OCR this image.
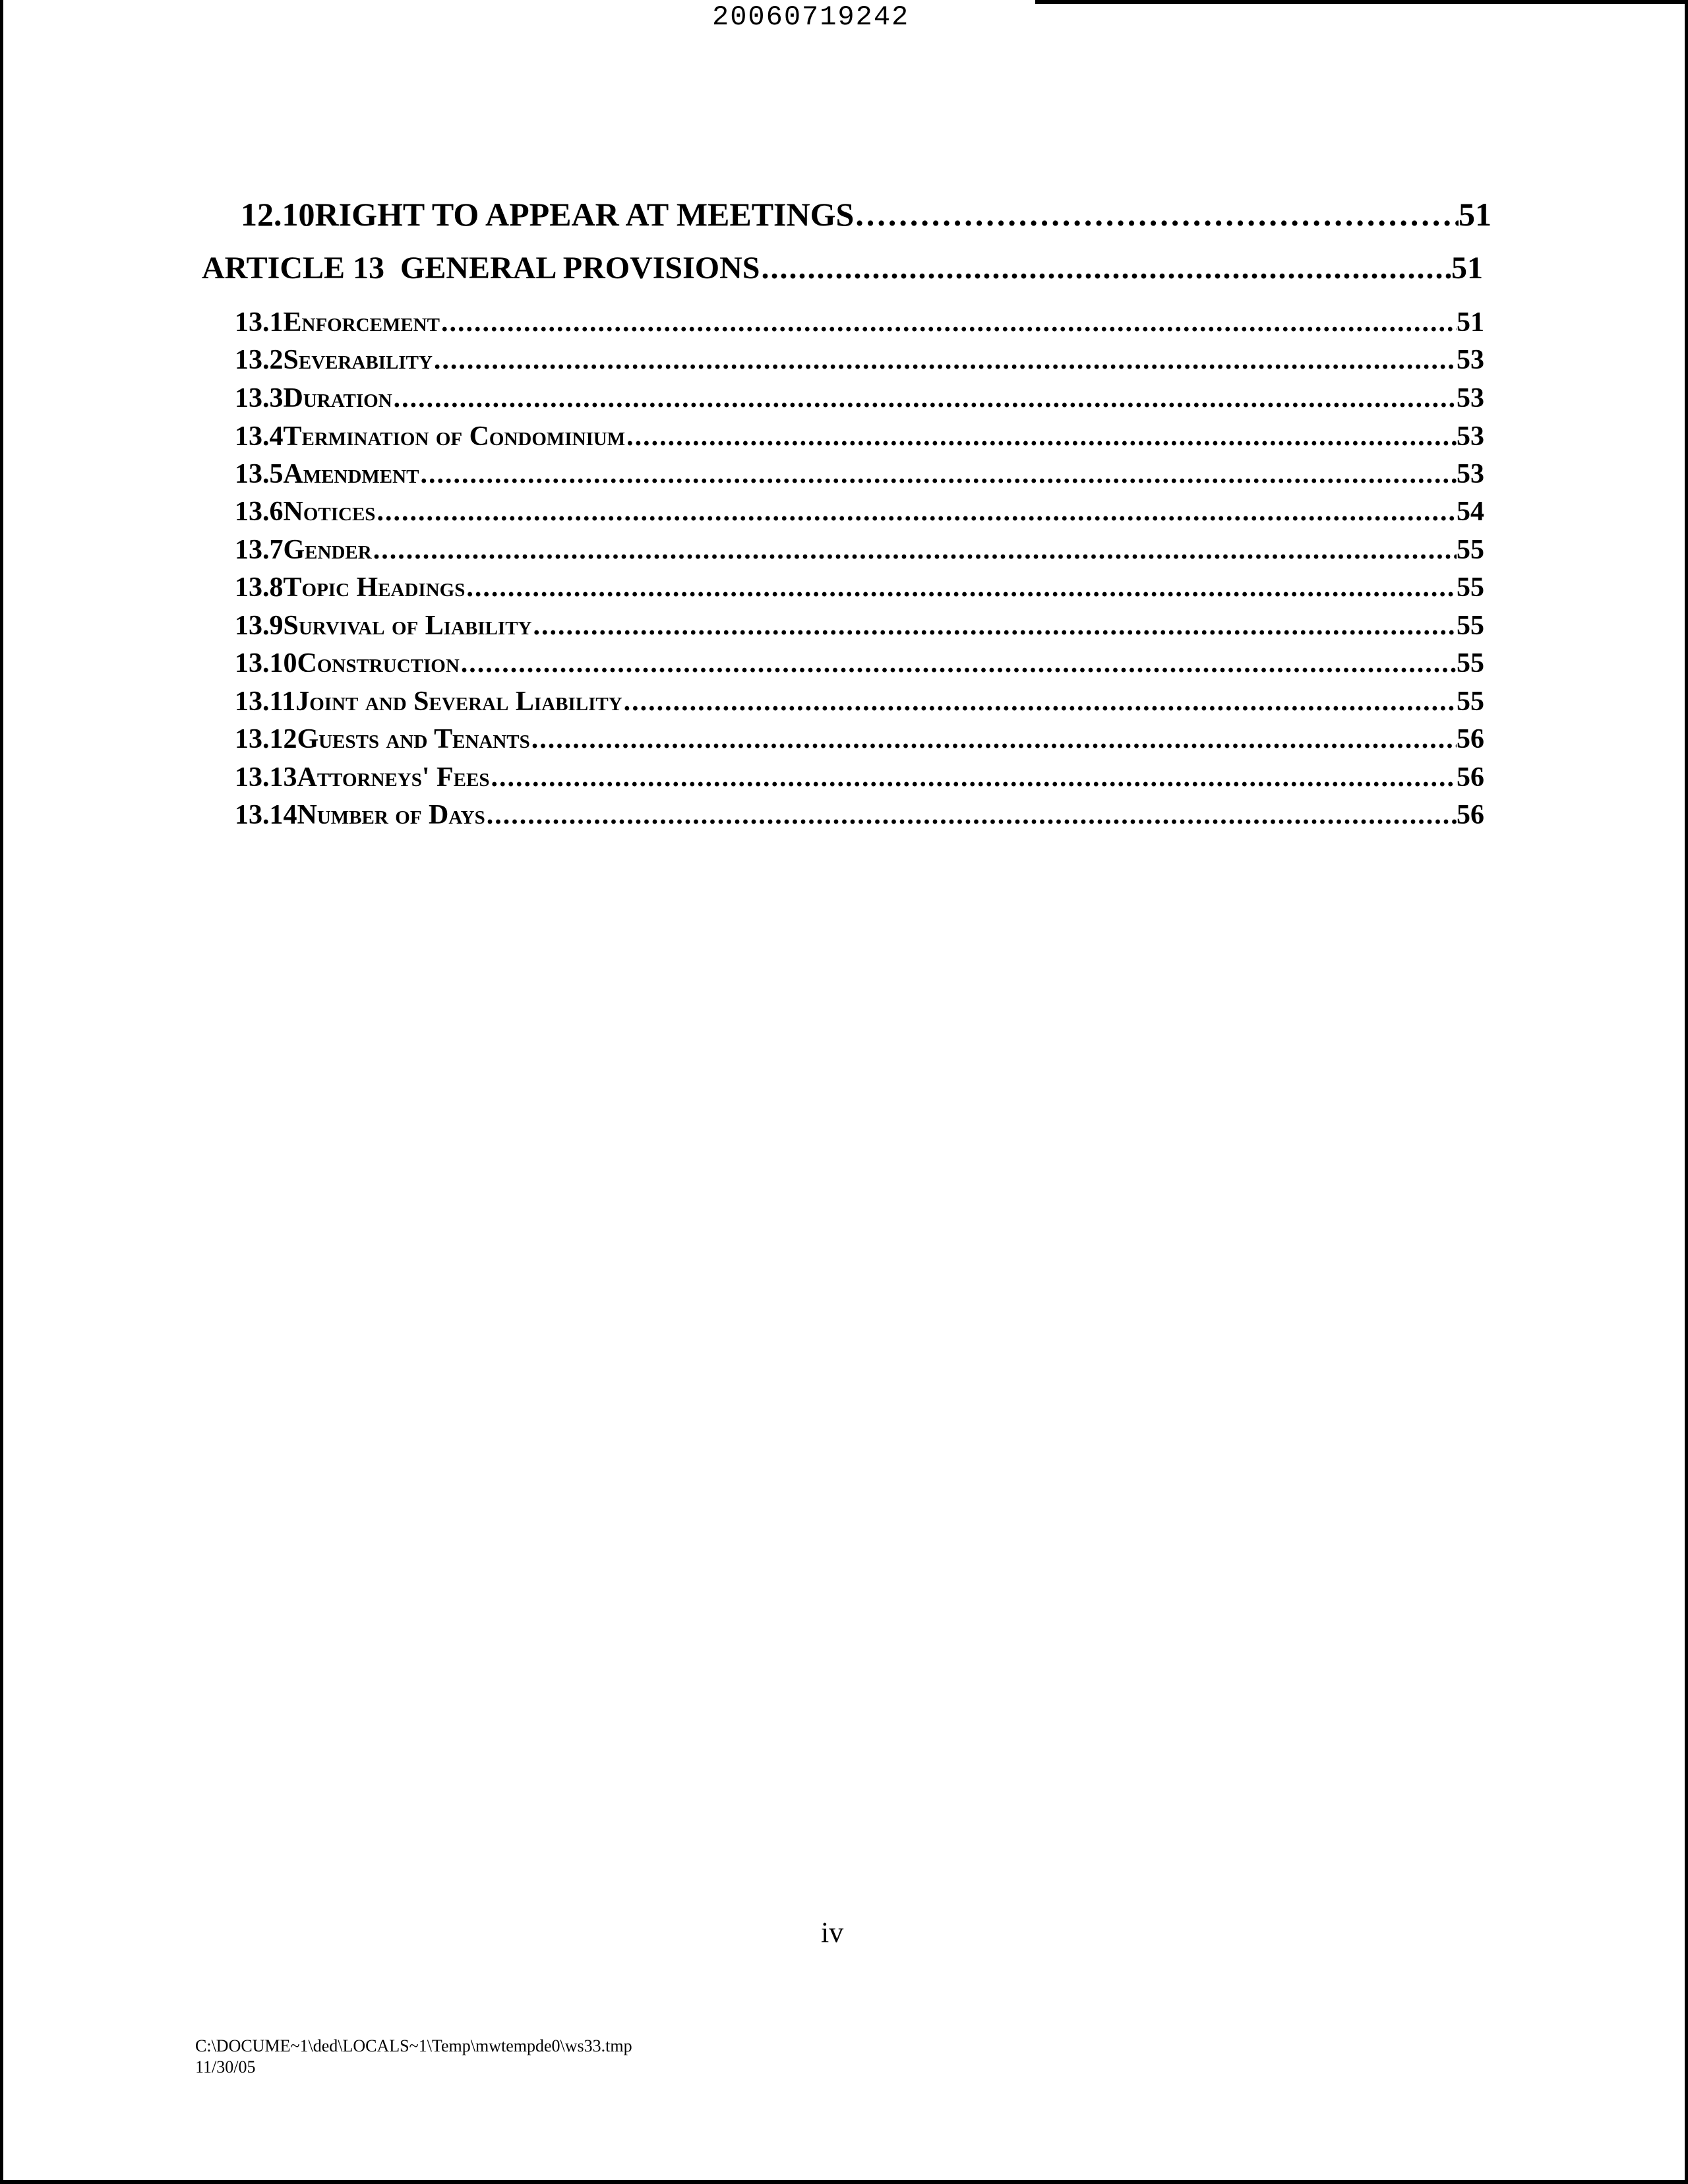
20060719242
12.10 RIGHT TO APPEAR AT MEETINGS .....	51
ARTICLE 13  GENERAL PROVISIONS .....	51
13.1 Enforcement .....	51
13.2 Severability .....	53
13.3 Duration .....	53
13.4 Termination of Condominium .....	53
13.5 Amendment .....	53
13.6 Notices .....	54
13.7 Gender .....	55
13.8 Topic Headings .....	55
13.9 Survival of Liability .....	55
13.10 Construction .....	55
13.11 Joint and Several Liability .....	55
13.12 Guests and Tenants .....	56
13.13 Attorneys' Fees .....	56
13.14 Number of Days .....	56
iv
C:\DOCUME~1\ded\LOCALS~1\Temp\mwtempde0\ws33.tmp
11/30/05
